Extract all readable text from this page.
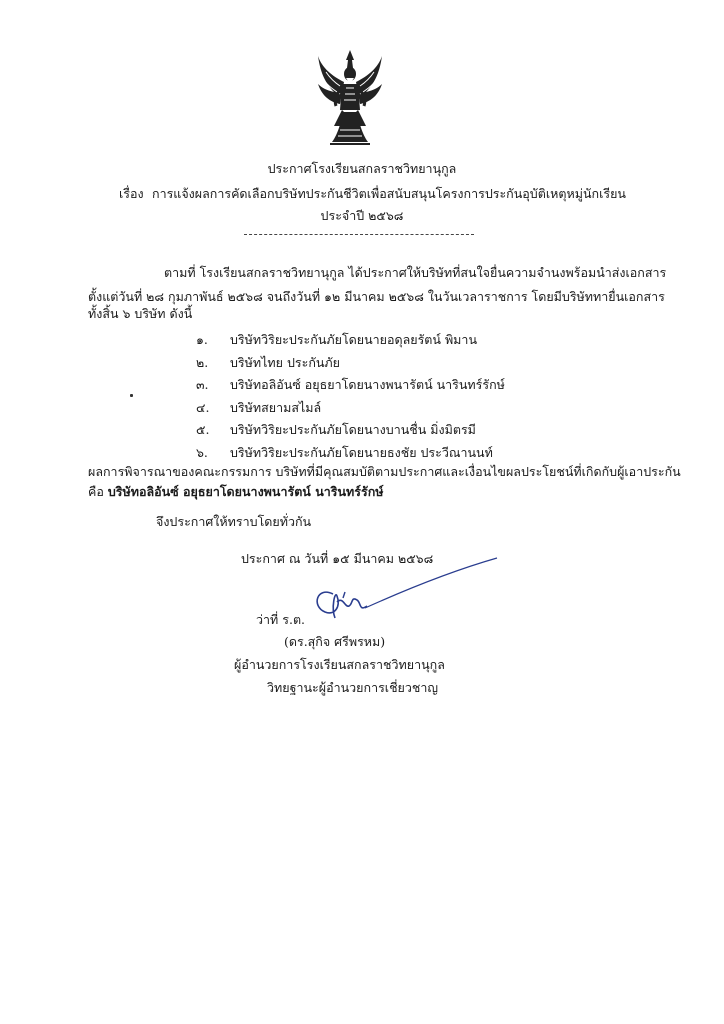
ประกาศโรงเรียนสกลราชวิทยานุกูล
เรื่อง การแจ้งผลการคัดเลือกบริษัทประกันชีวิตเพื่อสนับสนุนโครงการประกันอุบัติเหตุหมู่นักเรียน
ประจำปี ๒๕๖๘
ตามที่ โรงเรียนสกลราชวิทยานุกูล ได้ประกาศให้บริษัทที่สนใจยื่นความจำนงพร้อมนำส่งเอกสาร
ตั้งแต่วันที่ ๒๘ กุมภาพันธ์ ๒๕๖๘ จนถึงวันที่ ๑๒ มีนาคม ๒๕๖๘ ในวันเวลาราชการ โดยมีบริษัททายื่นเอกสาร
ทั้งสิ้น ๖ บริษัท ดังนี้
๑. บริษัทวิริยะประกันภัยโดยนายอดุลยรัตน์ พิมาน
๒. บริษัทไทย ประกันภัย
๓. บริษัทอลิอันซ์ อยุธยาโดยนางพนารัตน์ นารินทร์รักษ์
๔. บริษัทสยามสไมล์
๕. บริษัทวิริยะประกันภัยโดยนางบานชื่น มิ่งมิตรมี
๖. บริษัทวิริยะประกันภัยโดยนายธงชัย ประวีณานนท์
ผลการพิจารณาของคณะกรรมการ บริษัทที่มีคุณสมบัติตามประกาศและเงื่อนไขผลประโยชน์ที่เกิดกับผู้เอาประกัน
คือ บริษัทอลิอันซ์ อยุธยาโดยนางพนารัตน์ นารินทร์รักษ์
จึงประกาศให้ทราบโดยทั่วกัน
ประกาศ ณ วันที่ ๑๕ มีนาคม ๒๕๖๘
ว่าที่ ร.ต.
(ดร.สุกิจ ศรีพรหม)
ผู้อำนวยการโรงเรียนสกลราชวิทยานุกูล
วิทยฐานะผู้อำนวยการเชี่ยวชาญ
